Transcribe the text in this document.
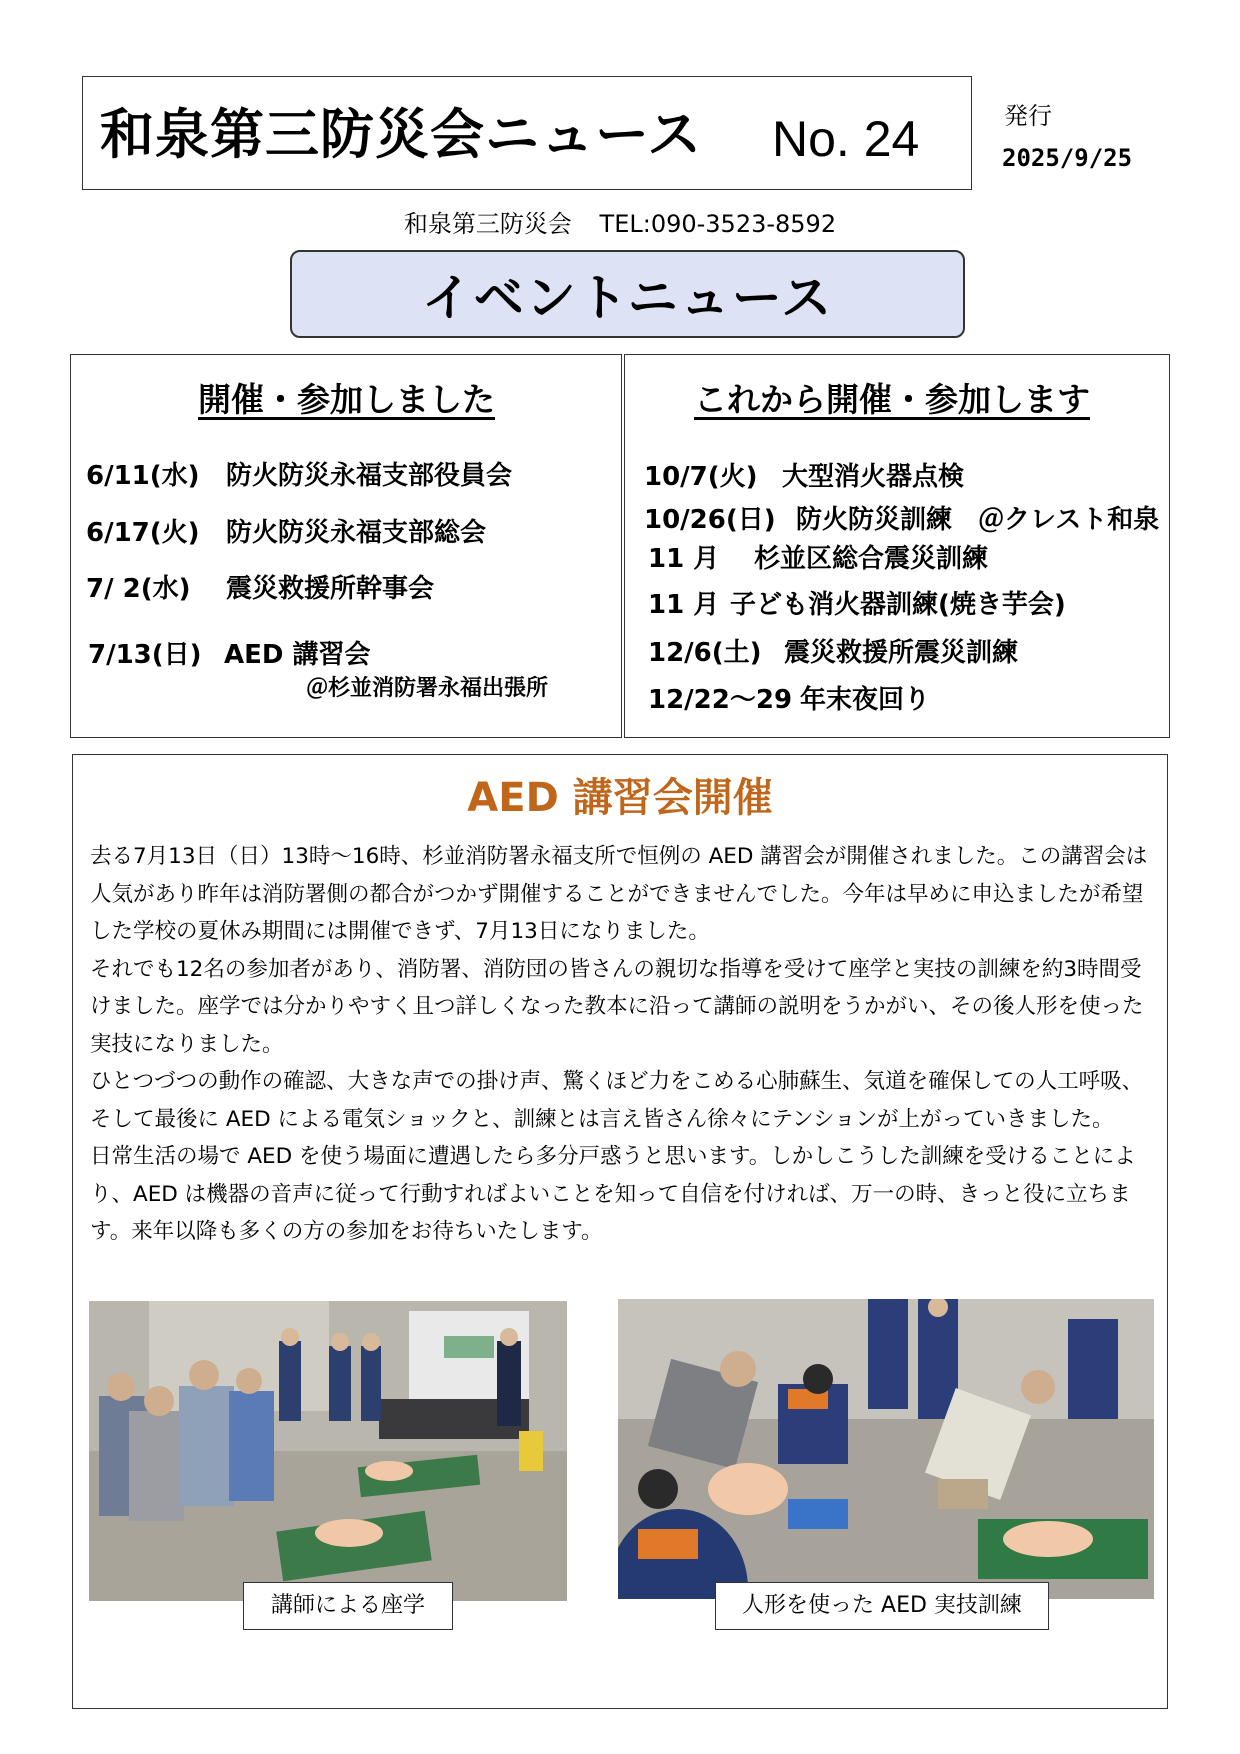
和泉第三防災会ニュース No. 24	発行
2025/9/25
和泉第三防災会 TEL:090-3523-8592
イベントニュース
開催・参加しました
6/11(水) 防火防災永福支部役員会
6/17(火) 防火防災永福支部総会
7/ 2(水) 震災救援所幹事会
7/13(日) AED 講習会
＠杉並消防署永福出張所
これから開催・参加します
10/7(火) 大型消火器点検
10/26(日) 防火防災訓練　＠クレスト和泉
11 月 杉並区総合震災訓練
11 月 子ども消火器訓練(焼き芋会)
12/6(土) 震災救援所震災訓練
12/22～29 年末夜回り
AED 講習会開催

去る7月13日（日）13時～16時、杉並消防署永福支所で恒例の AED 講習会が開催されました。この講習会は人気があり昨年は消防署側の都合がつかず開催することができませんでした。今年は早めに申込ましたが希望した学校の夏休み期間には開催できず、7月13日になりました。

それでも12名の参加者があり、消防署、消防団の皆さんの親切な指導を受けて座学と実技の訓練を約3時間受けました。座学では分かりやすく且つ詳しくなった教本に沿って講師の説明をうかがい、その後人形を使った実技になりました。

ひとつづつの動作の確認、大きな声での掛け声、驚くほど力をこめる心肺蘇生、気道を確保しての人工呼吸、そして最後に AED による電気ショックと、訓練とは言え皆さん徐々にテンションが上がっていきました。

日常生活の場で AED を使う場面に遭遇したら多分戸惑うと思います。しかしこうした訓練を受けることにより、AED は機器の音声に従って行動すればよいことを知って自信を付ければ、万一の時、きっと役に立ちます。来年以降も多くの方の参加をお待ちいたします。

講師による座学	人形を使った AED 実技訓練
